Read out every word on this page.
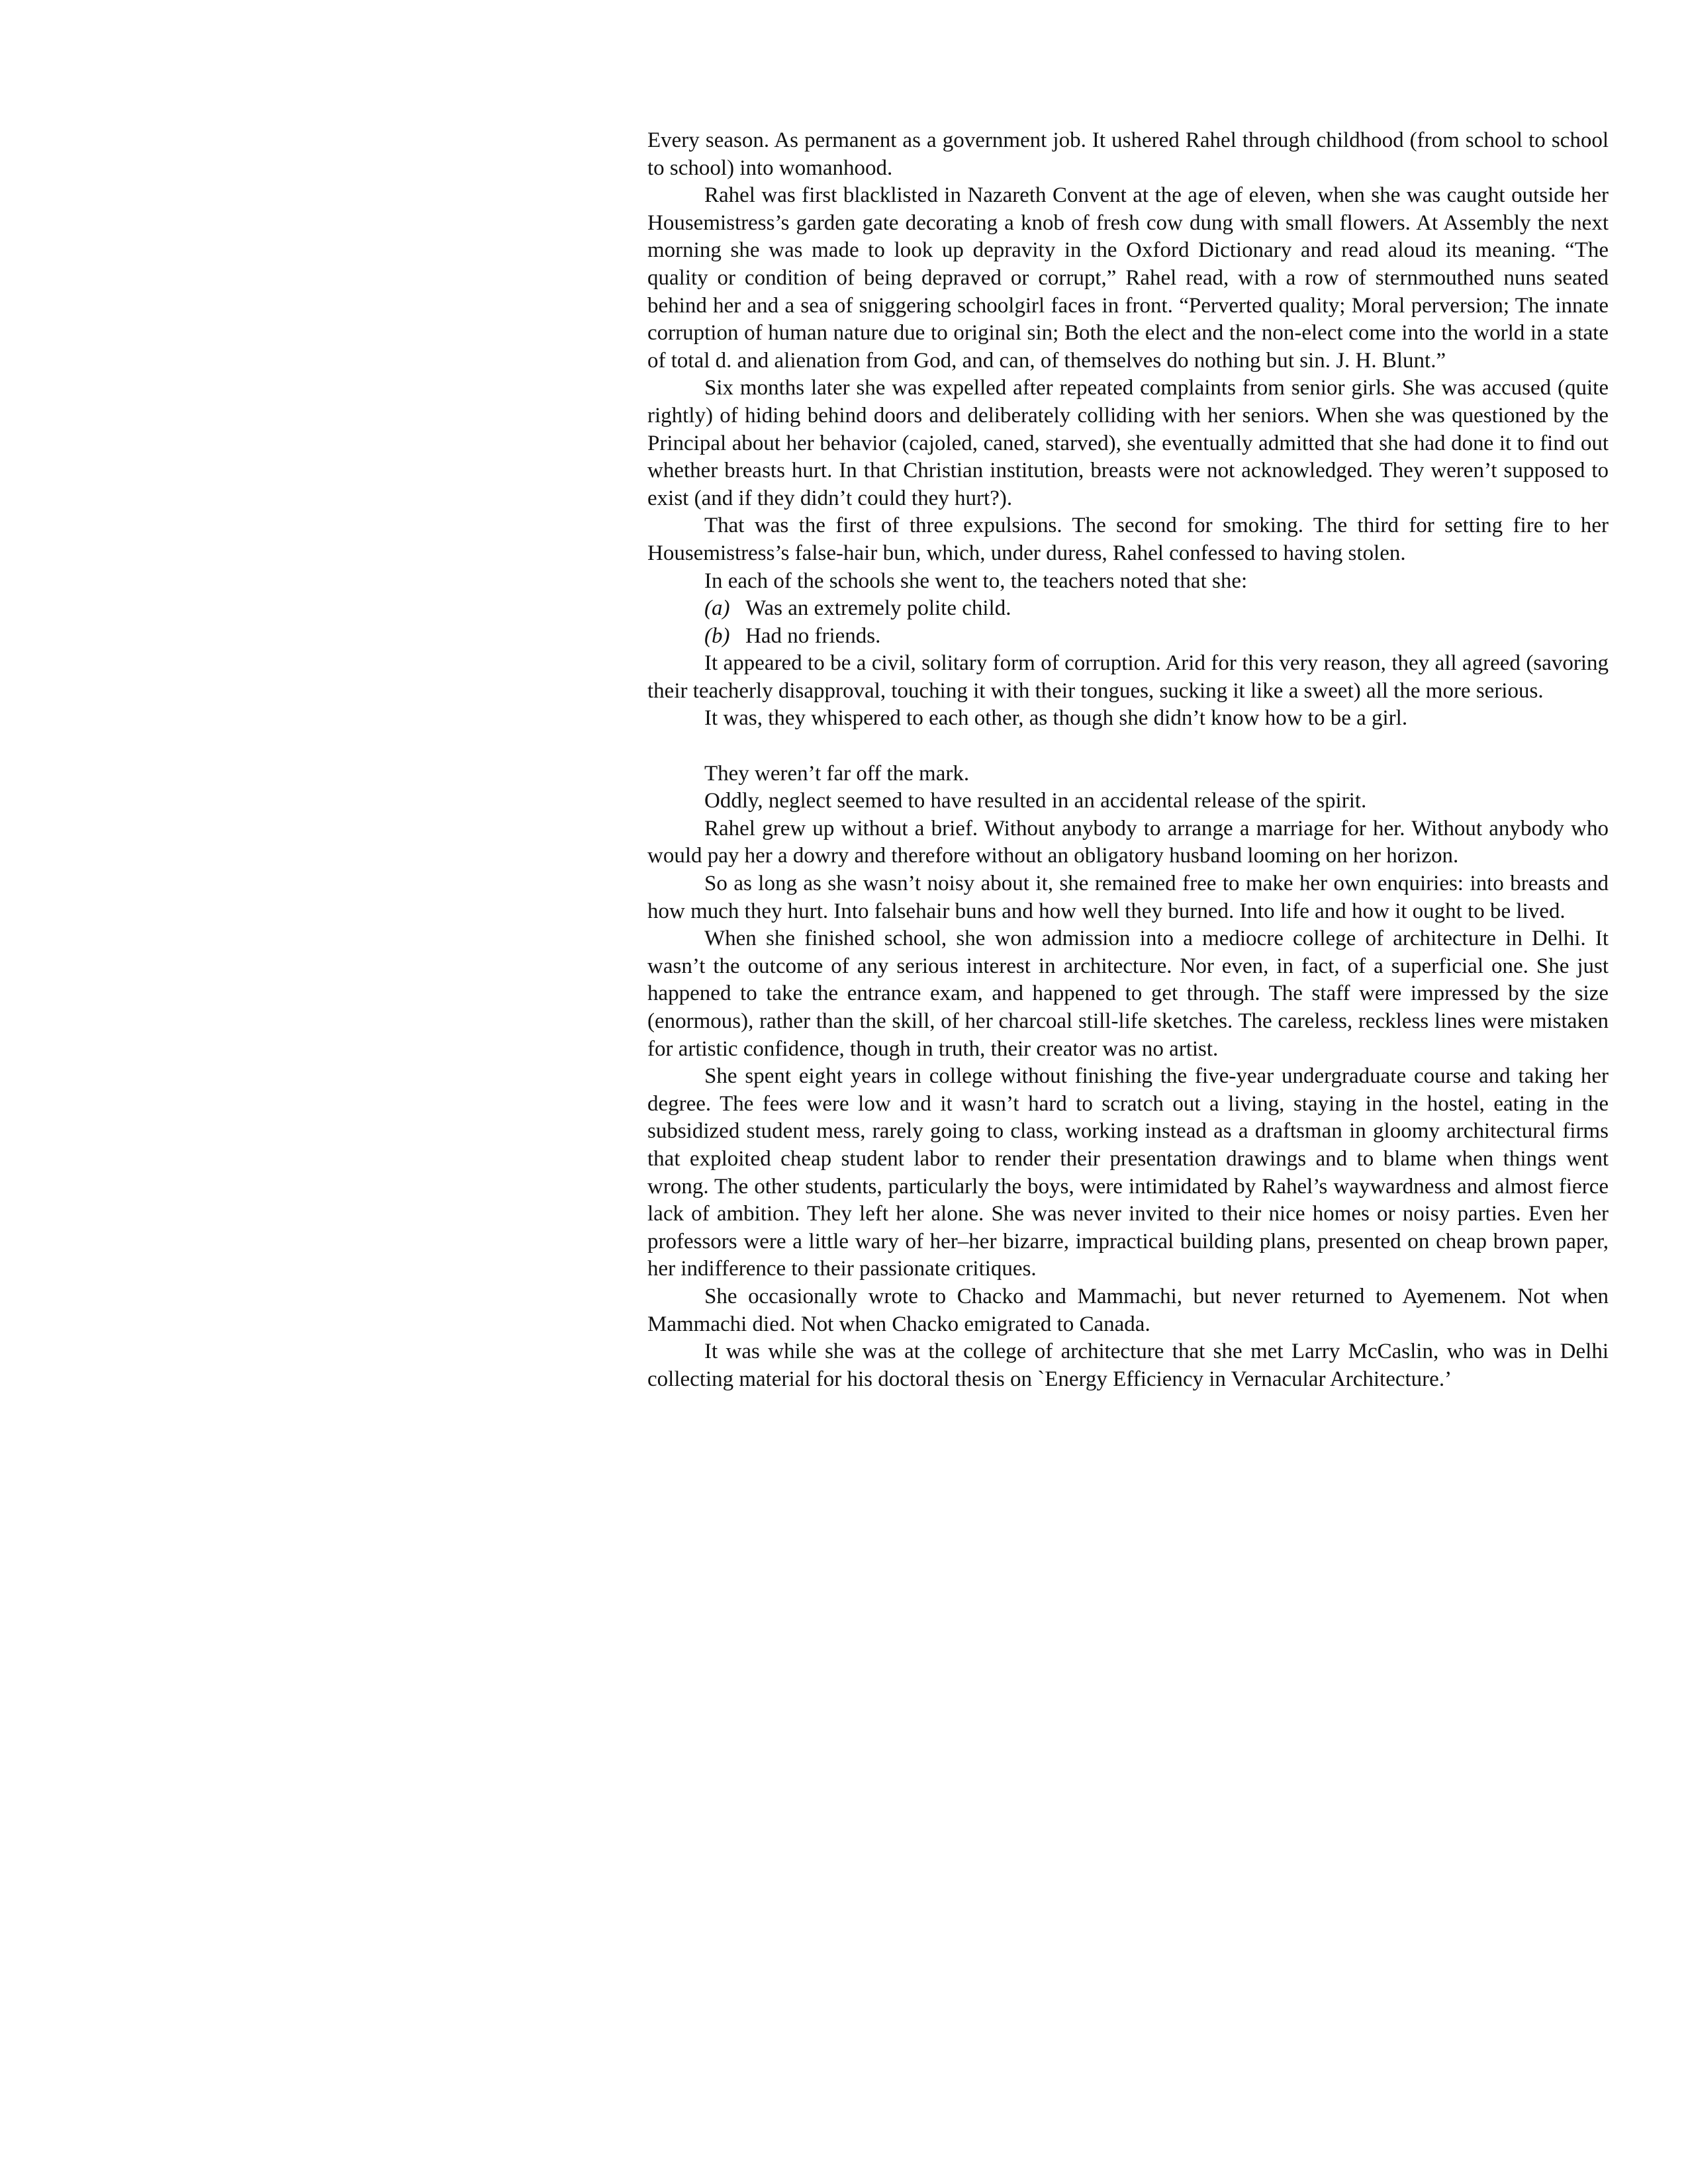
Every season. As permanent as a government job. It ushered Rahel through childhood (from school to school to school) into womanhood.

Rahel was first blacklisted in Nazareth Convent at the age of eleven, when she was caught outside her Housemistress’s garden gate decorating a knob of fresh cow dung with small flowers. At Assembly the next morning she was made to look up depravity in the Oxford Dictionary and read aloud its meaning. “The quality or condition of being depraved or corrupt,” Rahel read, with a row of sternmouthed nuns seated behind her and a sea of sniggering schoolgirl faces in front. “Perverted quality; Moral perversion; The innate corruption of human nature due to original sin; Both the elect and the non-elect come into the world in a state of total d. and alienation from God, and can, of themselves do nothing but sin. J. H. Blunt.”

Six months later she was expelled after repeated complaints from senior girls. She was accused (quite rightly) of hiding behind doors and deliberately colliding with her seniors. When she was questioned by the Principal about her behavior (cajoled, caned, starved), she eventually admitted that she had done it to find out whether breasts hurt. In that Christian institution, breasts were not acknowledged. They weren’t supposed to exist (and if they didn’t could they hurt?).

That was the first of three expulsions. The second for smoking. The third for setting fire to her Housemistress’s false-hair bun, which, under duress, Rahel confessed to having stolen.

In each of the schools she went to, the teachers noted that she:

(a) Was an extremely polite child.

(b) Had no friends.

It appeared to be a civil, solitary form of corruption. Arid for this very reason, they all agreed (savoring their teacherly disapproval, touching it with their tongues, sucking it like a sweet) all the more serious.

It was, they whispered to each other, as though she didn’t know how to be a girl.

They weren’t far off the mark.

Oddly, neglect seemed to have resulted in an accidental release of the spirit.

Rahel grew up without a brief. Without anybody to arrange a marriage for her. Without anybody who would pay her a dowry and therefore without an obligatory husband looming on her horizon.

So as long as she wasn’t noisy about it, she remained free to make her own enquiries: into breasts and how much they hurt. Into falsehair buns and how well they burned. Into life and how it ought to be lived.

When she finished school, she won admission into a mediocre college of architecture in Delhi. It wasn’t the outcome of any serious interest in architecture. Nor even, in fact, of a superficial one. She just happened to take the entrance exam, and happened to get through. The staff were impressed by the size (enormous), rather than the skill, of her charcoal still-life sketches. The careless, reckless lines were mistaken for artistic confidence, though in truth, their creator was no artist.

She spent eight years in college without finishing the five-year undergraduate course and taking her degree. The fees were low and it wasn’t hard to scratch out a living, staying in the hostel, eating in the subsidized student mess, rarely going to class, working instead as a draftsman in gloomy architectural firms that exploited cheap student labor to render their presentation drawings and to blame when things went wrong. The other students, particularly the boys, were intimidated by Rahel’s waywardness and almost fierce lack of ambition. They left her alone. She was never invited to their nice homes or noisy parties. Even her professors were a little wary of her–her bizarre, impractical building plans, presented on cheap brown paper, her indifference to their passionate critiques.

She occasionally wrote to Chacko and Mammachi, but never returned to Ayemenem. Not when Mammachi died. Not when Chacko emigrated to Canada.

It was while she was at the college of architecture that she met Larry McCaslin, who was in Delhi collecting material for his doctoral thesis on `Energy Efficiency in Vernacular Architecture.’
